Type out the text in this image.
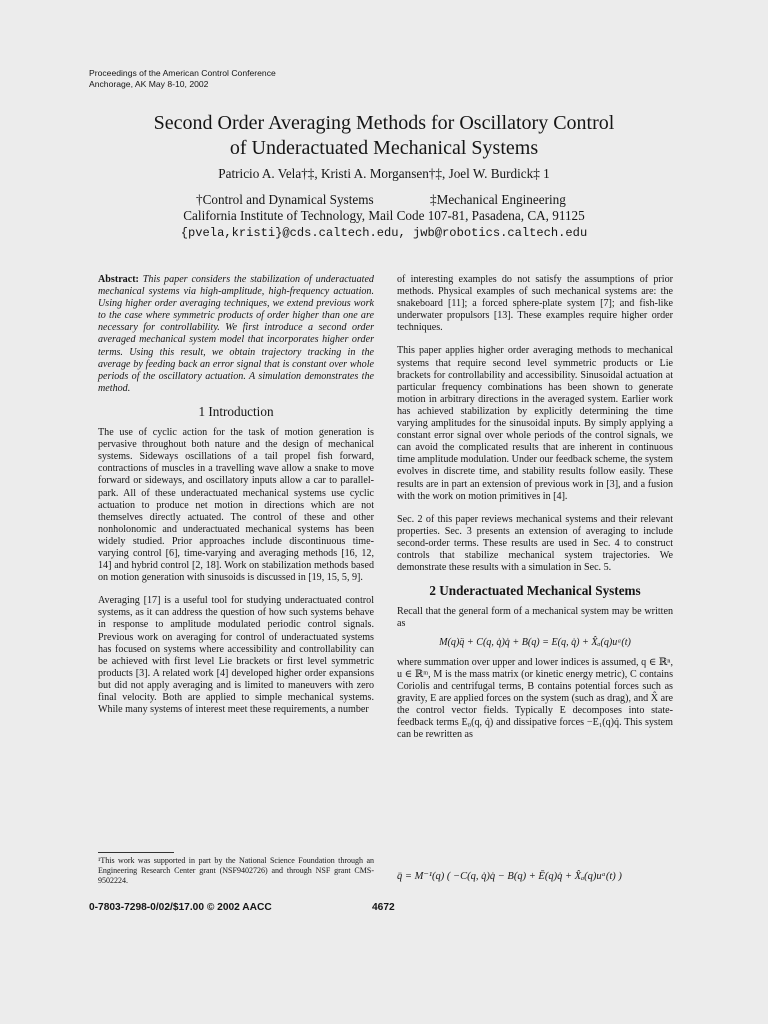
Proceedings of the American Control Conference
Anchorage, AK May 8-10, 2002
Second Order Averaging Methods for Oscillatory Control
of Underactuated Mechanical Systems
Patricio A. Vela†‡, Kristi A. Morgansen†‡, Joel W. Burdick‡ 1
†Control and Dynamical Systems	‡Mechanical Engineering
California Institute of Technology, Mail Code 107-81, Pasadena, CA, 91125
{pvela,kristi}@cds.caltech.edu, jwb@robotics.caltech.edu

Abstract: This paper considers the stabilization of underactuated mechanical systems via high-amplitude, high-frequency actuation. Using higher order averaging techniques, we extend previous work to the case where symmetric products of order higher than one are necessary for controllability. We first introduce a second order averaged mechanical system model that incorporates higher order terms. Using this result, we obtain trajectory tracking in the average by feeding back an error signal that is constant over whole periods of the oscillatory actuation. A simulation demonstrates the method.

1 Introduction

The use of cyclic action for the task of motion generation is pervasive throughout both nature and the design of mechanical systems. Sideways oscillations of a tail propel fish forward, contractions of muscles in a travelling wave allow a snake to move forward or sideways, and oscillatory inputs allow a car to parallel-park. All of these underactuated mechanical systems use cyclic actuation to produce net motion in directions which are not themselves directly actuated. The control of these and other nonholonomic and underactuated mechanical systems has been widely studied. Prior approaches include discontinuous time-varying control [6], time-varying and averaging methods [16, 12, 14] and hybrid control [2, 18]. Work on stabilization methods based on motion generation with sinusoids is discussed in [19, 15, 5, 9].

Averaging [17] is a useful tool for studying underactuated control systems, as it can address the question of how such systems behave in response to amplitude modulated periodic control signals. Previous work on averaging for control of underactuated systems has focused on systems where accessibility and controllability can be achieved with first level Lie brackets or first level symmetric products [3]. A related work [4] developed higher order expansions but did not apply averaging and is limited to maneuvers with zero final velocity. Both are applied to simple mechanical systems. While many systems of interest meet these requirements, a number

of interesting examples do not satisfy the assumptions of prior methods. Physical examples of such mechanical systems are: the snakeboard [11]; a forced sphere-plate system [7]; and fish-like underwater propulsors [13]. These examples require higher order techniques.

This paper applies higher order averaging methods to mechanical systems that require second level symmetric products or Lie brackets for controllability and accessibility. Sinusoidal actuation at particular frequency combinations has been shown to generate motion in arbitrary directions in the averaged system. Earlier work has achieved stabilization by explicitly determining the time varying amplitudes for the sinusoidal inputs. By simply applying a constant error signal over whole periods of the control signals, we can avoid the complicated results that are inherent in continuous time amplitude modulation. Under our feedback scheme, the system evolves in discrete time, and stability results follow easily. These results are in part an extension of previous work in [3], and a fusion with the work on motion primitives in [4].

Sec. 2 of this paper reviews mechanical systems and their relevant properties. Sec. 3 presents an extension of averaging to include second-order terms. These results are used in Sec. 4 to construct controls that stabilize mechanical system trajectories. We demonstrate these results with a simulation in Sec. 5.

2 Underactuated Mechanical Systems

Recall that the general form of a mechanical system may be written as

M(q)q̈ + C(q, q̇)q̇ + B(q) = E(q, q̇) + X̂ₐ(q)uᵃ(t)

where summation over upper and lower indices is assumed, q ∈ ℝⁿ, u ∈ ℝᵐ, M is the mass matrix (or kinetic energy metric), C contains Coriolis and centrifugal terms, B contains potential forces such as gravity, E are applied forces on the system (such as drag), and X̂ are the control vector fields. Typically E decomposes into state-feedback terms E₀(q, q̇) and dissipative forces −E₁(q)q̇. This system can be rewritten as

q̈ = M⁻¹(q) ( −C(q, q̇)q̇ − B(q) + Ē(q)q̇ + X̂ₐ(q)uᵃ(t) )
¹This work was supported in part by the National Science Foundation through an Engineering Research Center grant (NSF9402726) and through NSF grant CMS-9502224.
0-7803-7298-0/02/$17.00 © 2002 AACC	4672
